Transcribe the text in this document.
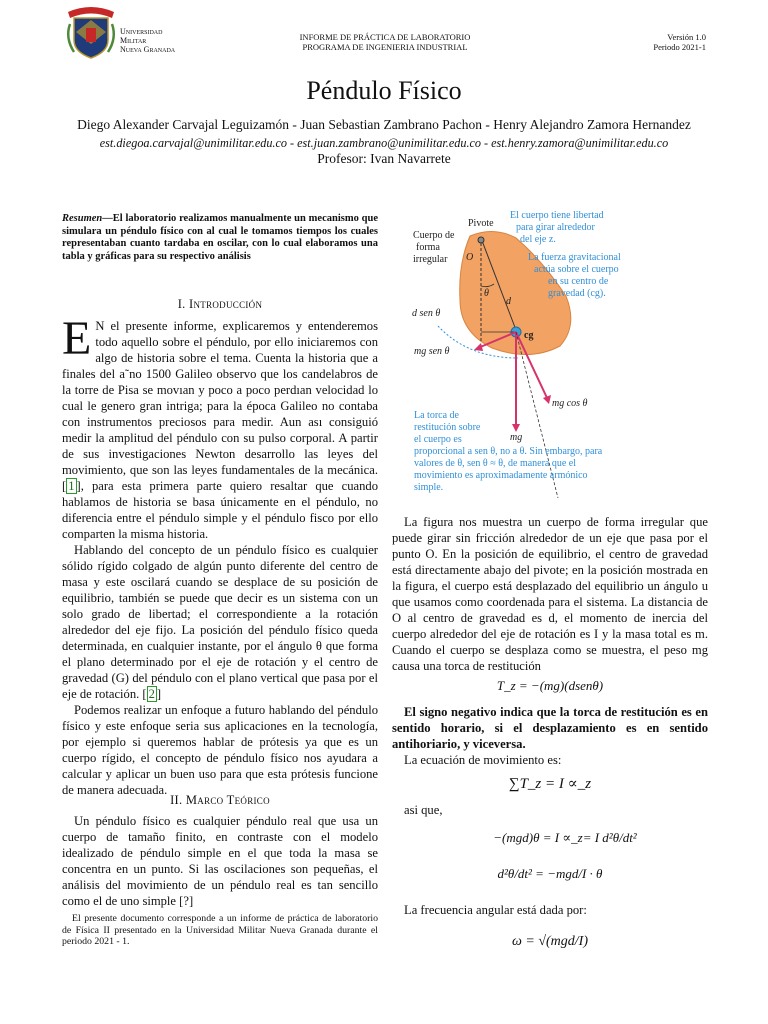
Universidad Militar
Nueva Granada
INFORME DE PRÁCTICA DE LABORATORIO
PROGRAMA DE INGENIERIA INDUSTRIAL
Versión 1.0
Periodo 2021-1
Péndulo Físico
Diego Alexander Carvajal Leguizamón - Juan Sebastian Zambrano Pachon - Henry Alejandro Zamora Hernandez
est.diegoa.carvajal@unimilitar.edu.co - est.juan.zambrano@unimilitar.edu.co - est.henry.zamora@unimilitar.edu.co
Profesor: Ivan Navarrete
Resumen—El laboratorio realizamos manualmente un mecanismo que simulara un péndulo físico con al cual le tomamos tiempos los cuales representaban cuanto tardaba en oscilar, con lo cual elaboramos una tabla y gráficas para su respectivo análisis
I. Introducción

E N el presente informe, explicaremos y entenderemos todo aquello sobre el péndulo, por ello iniciaremos con algo de historia sobre el tema. Cuenta la historia que a finales del a˜no 1500 Galileo observo que los candelabros de la torre de Pisa se movıan y poco a poco perdıan velocidad lo cual le genero gran intriga; para la época Galileo no contaba con instrumentos preciosos para medir. Aun ası consiguió medir la amplitud del péndulo con su pulso corporal. A partir de sus investigaciones Newton desarrollo las leyes del movimiento, que son las leyes fundamentales de la mecánica. [ 1 ], para esta primera parte quiero resaltar que cuando hablamos de historia se basa únicamente en el péndulo, no diferencia entre el péndulo simple y el péndulo fisco por ello comparten la misma historia.

Hablando del concepto de un péndulo físico es cualquier sólido rígido colgado de algún punto diferente del centro de masa y este oscilará cuando se desplace de su posición de equilibrio, también se puede que decir es un sistema con un solo grado de libertad; el correspondiente a la rotación alrededor del eje fijo. La posición del péndulo físico queda determinada, en cualquier instante, por el ángulo θ que forma el plano determinado por el eje de rotación y el centro de gravedad (G) del péndulo con el plano vertical que pasa por el eje de rotación. [ 2 ]

Podemos realizar un enfoque a futuro hablando del péndulo físico y este enfoque seria sus aplicaciones en la tecnología, por ejemplo si queremos hablar de prótesis ya que es un cuerpo rígido, el concepto de péndulo físico nos ayudara a calcular y aplicar un buen uso para que esta prótesis funcione de manera adecuada.

II. Marco Teórico

Un péndulo físico es cualquier péndulo real que usa un cuerpo de tamaño finito, en contraste con el modelo idealizado de péndulo simple en el que toda la masa se concentra en un punto. Si las oscilaciones son pequeñas, el análisis del movimiento de un péndulo real es tan sencillo como el de uno simple [?]

El presente documento corresponde a un informe de práctica de laboratorio de Física II presentado en la Universidad Militar Nueva Granada durante el periodo 2021 - 1.
Pivote
O
Cuerpo de
forma
irregular
El cuerpo tiene libertad
para girar alrededor
del eje z.
La fuerza gravitacional
actúa sobre el cuerpo
en su centro de
gravedad (cg).
θ
d
d sen θ
cg
mg sen θ
mg cos θ
mg
La torca de
restitución sobre
el cuerpo es
proporcional a sen θ, no a θ. Sin embargo, para
valores de θ, sen θ ≈ θ, de manera que el
movimiento es aproximadamente armónico
simple.

La figura nos muestra un cuerpo de forma irregular que puede girar sin fricción alrededor de un eje que pasa por el punto O. En la posición de equilibrio, el centro de gravedad está directamente abajo del pivote; en la posición mostrada en la figura, el cuerpo está desplazado del equilibrio un ángulo u que usamos como coordenada para el sistema. La distancia de O al centro de gravedad es d, el momento de inercia del cuerpo alrededor del eje de rotación es I y la masa total es m. Cuando el cuerpo se desplaza como se muestra, el peso mg causa una torca de restitución

T_z = −(mg)(dsenθ)

El signo negativo indica que la torca de restitución es en sentido horario, si el desplazamiento es en sentido antihoriario, y viceversa.

La ecuación de movimiento es:
∑T_z = I ∝_z
asi que,
−(mgd)θ = I ∝_z= I d²θ/dt²
d²θ/dt² = −mgd/I · θ
La frecuencia angular está dada por:
ω = √(mgd/I)
